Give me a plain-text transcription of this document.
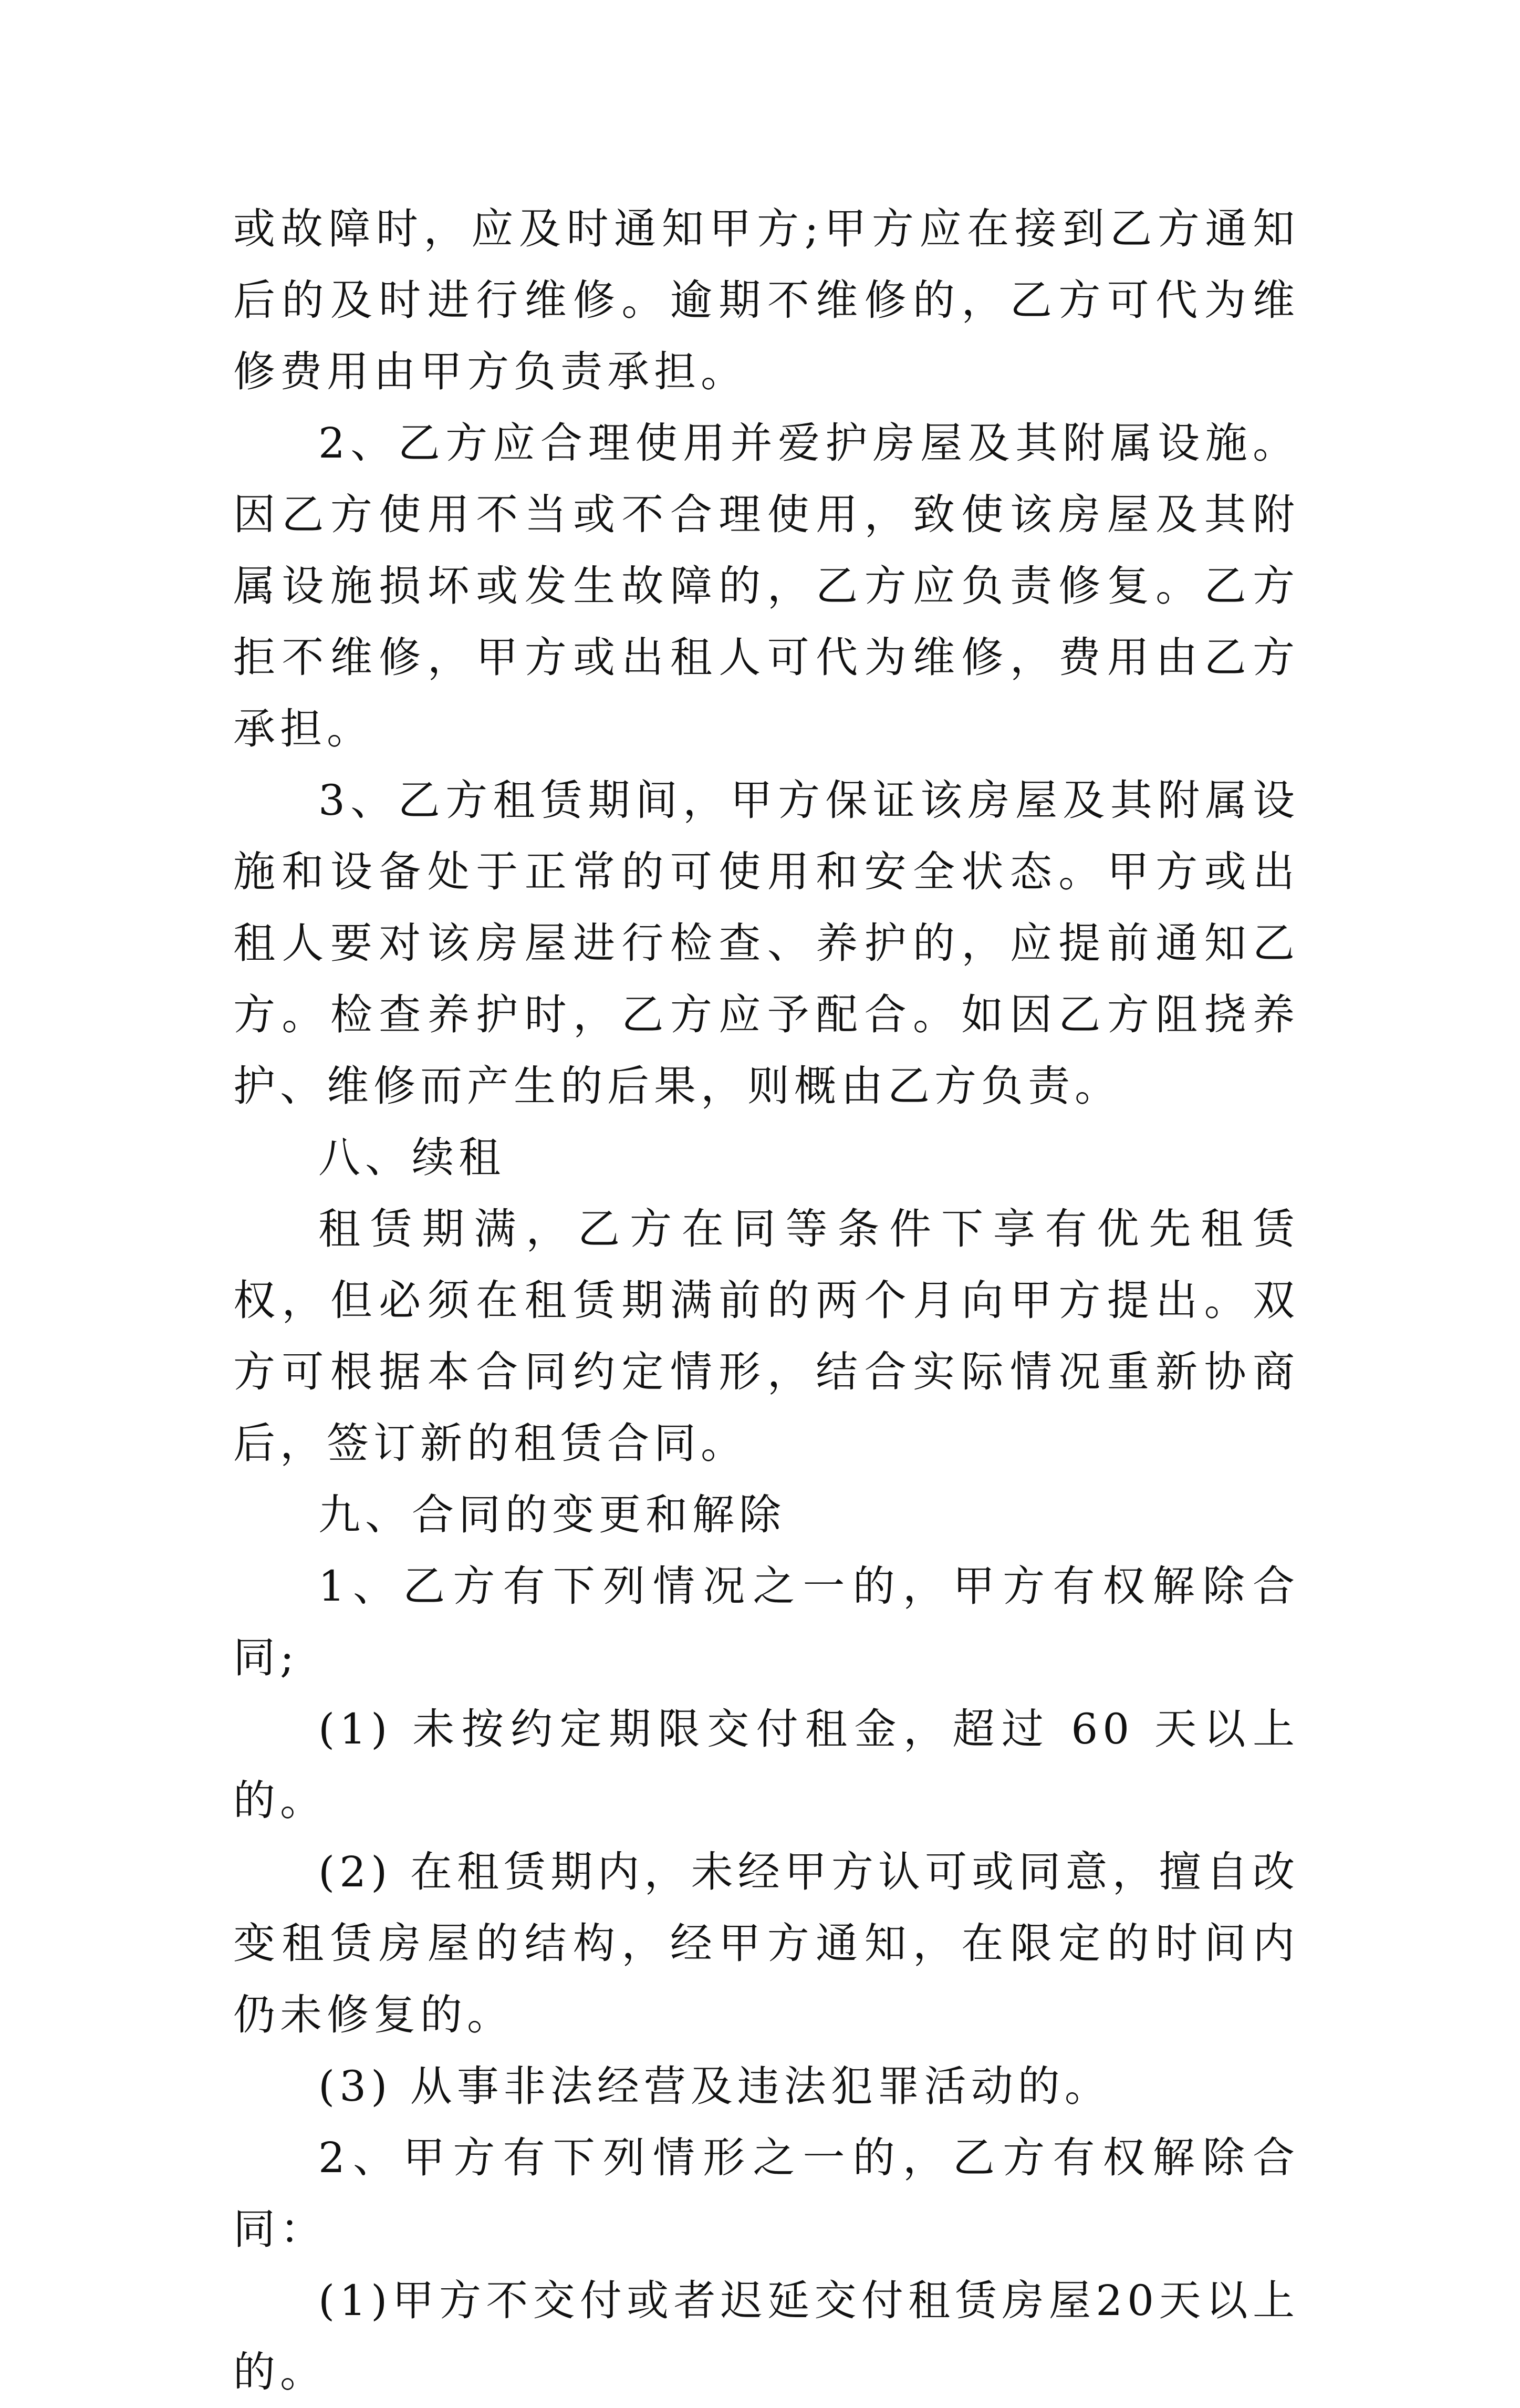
或故障时，应及时通知甲方;甲方应在接到乙方通知后的及时进行维修。逾期不维修的，乙方可代为维修费用由甲方负责承担。

2、乙方应合理使用并爱护房屋及其附属设施。因乙方使用不当或不合理使用，致使该房屋及其附属设施损坏或发生故障的，乙方应负责修复。乙方拒不维修，甲方或出租人可代为维修，费用由乙方承担。

3、乙方租赁期间，甲方保证该房屋及其附属设施和设备处于正常的可使用和安全状态。甲方或出租人要对该房屋进行检查、养护的，应提前通知乙方。检查养护时，乙方应予配合。如因乙方阻挠养护、维修而产生的后果，则概由乙方负责。

八、续租

租赁期满，乙方在同等条件下享有优先租赁权，但必须在租赁期满前的两个月向甲方提出。双方可根据本合同约定情形，结合实际情况重新协商后，签订新的租赁合同。

九、合同的变更和解除

1、乙方有下列情况之一的，甲方有权解除合同;

(1) 未按约定期限交付租金，超过 60 天以上的。

(2) 在租赁期内，未经甲方认可或同意，擅自改变租赁房屋的结构，经甲方通知，在限定的时间内仍未修复的。

(3) 从事非法经营及违法犯罪活动的。

2、甲方有下列情形之一的，乙方有权解除合同：

(1)甲方不交付或者迟延交付租赁房屋20天以上的。
